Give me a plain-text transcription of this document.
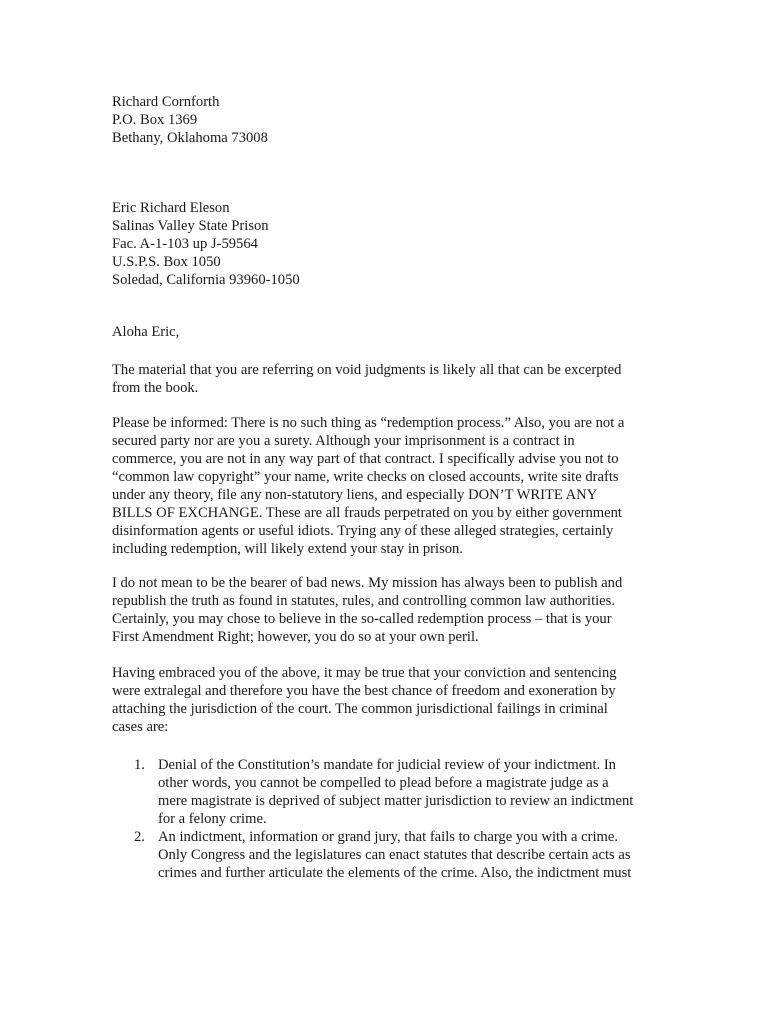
Richard Cornforth
P.O. Box 1369
Bethany, Oklahoma 73008
Eric Richard Eleson
Salinas Valley State Prison
Fac. A-1-103 up J-59564
U.S.P.S. Box 1050
Soledad, California 93960-1050
Aloha Eric,
The material that you are referring on void judgments is likely all that can be excerpted
from the book.
Please be informed: There is no such thing as “redemption process.” Also, you are not a
secured party nor are you a surety. Although your imprisonment is a contract in
commerce, you are not in any way part of that contract. I specifically advise you not to
“common law copyright” your name, write checks on closed accounts, write site drafts
under any theory, file any non-statutory liens, and especially DON’T WRITE ANY
BILLS OF EXCHANGE. These are all frauds perpetrated on you by either government
disinformation agents or useful idiots. Trying any of these alleged strategies, certainly
including redemption, will likely extend your stay in prison.
I do not mean to be the bearer of bad news. My mission has always been to publish and
republish the truth as found in statutes, rules, and controlling common law authorities.
Certainly, you may chose to believe in the so-called redemption process – that is your
First Amendment Right; however, you do so at your own peril.
Having embraced you of the above, it may be true that your conviction and sentencing
were extralegal and therefore you have the best chance of freedom and exoneration by
attaching the jurisdiction of the court. The common jurisdictional failings in criminal
cases are:
1. Denial of the Constitution’s mandate for judicial review of your indictment. In
other words, you cannot be compelled to plead before a magistrate judge as a
mere magistrate is deprived of subject matter jurisdiction to review an indictment
for a felony crime.
2. An indictment, information or grand jury, that fails to charge you with a crime.
Only Congress and the legislatures can enact statutes that describe certain acts as
crimes and further articulate the elements of the crime. Also, the indictment must
